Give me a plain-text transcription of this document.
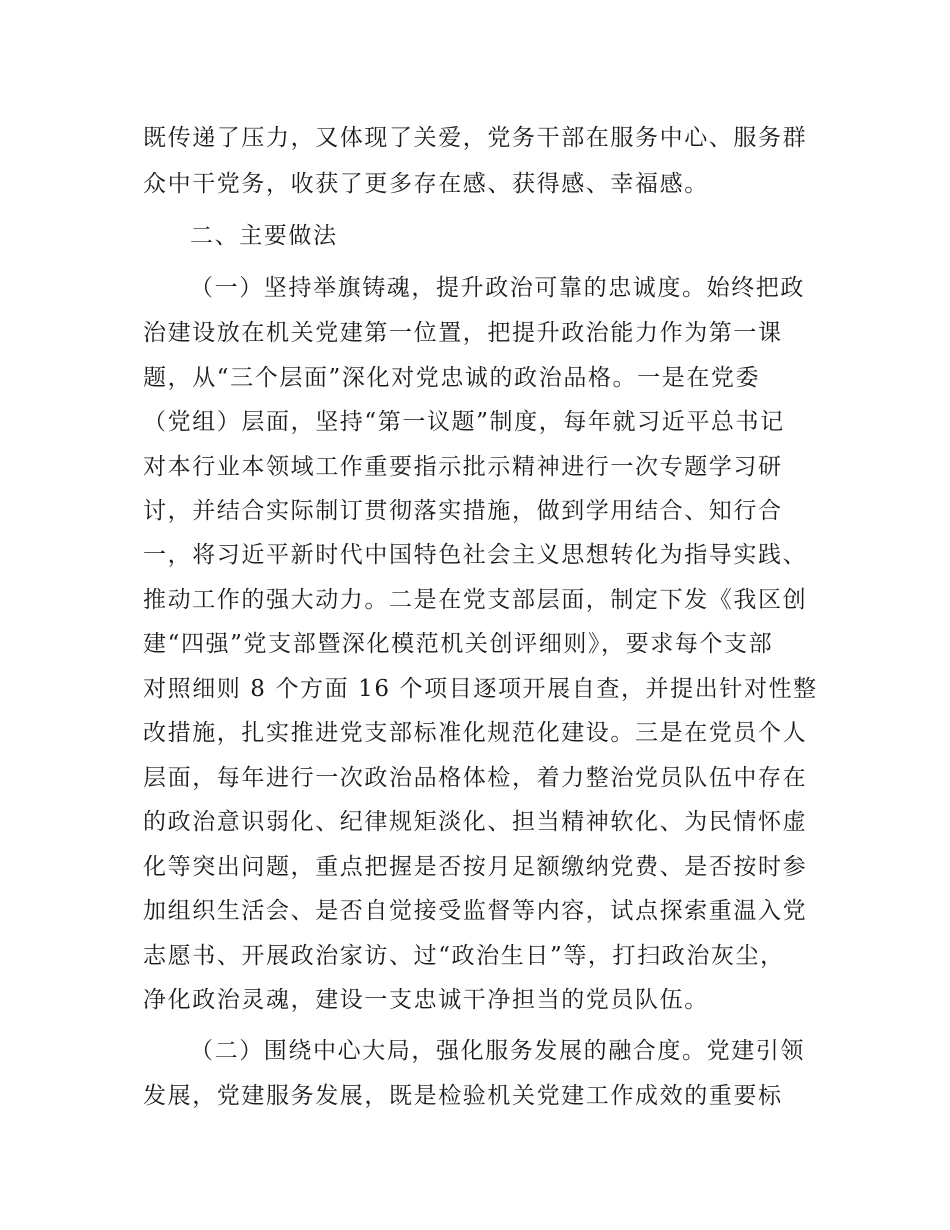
既传递了压力，又体现了关爱，党务干部在服务中心、服务群
众中干党务，收获了更多存在感、获得感、幸福感。
二、主要做法
（一）坚持举旗铸魂，提升政治可靠的忠诚度。始终把政
治建设放在机关党建第一位置，把提升政治能力作为第一课
题，从“三个层面”深化对党忠诚的政治品格。一是在党委
（党组）层面，坚持“第一议题”制度，每年就习近平总书记
对本行业本领域工作重要指示批示精神进行一次专题学习研
讨，并结合实际制订贯彻落实措施，做到学用结合、知行合
一，将习近平新时代中国特色社会主义思想转化为指导实践、
推动工作的强大动力。二是在党支部层面，制定下发《我区创
建“四强”党支部暨深化模范机关创评细则》，要求每个支部
对照细则 8 个方面 16 个项目逐项开展自查，并提出针对性整
改措施，扎实推进党支部标准化规范化建设。三是在党员个人
层面，每年进行一次政治品格体检，着力整治党员队伍中存在
的政治意识弱化、纪律规矩淡化、担当精神软化、为民情怀虚
化等突出问题，重点把握是否按月足额缴纳党费、是否按时参
加组织生活会、是否自觉接受监督等内容，试点探索重温入党
志愿书、开展政治家访、过“政治生日”等，打扫政治灰尘，
净化政治灵魂，建设一支忠诚干净担当的党员队伍。
（二）围绕中心大局，强化服务发展的融合度。党建引领
发展，党建服务发展，既是检验机关党建工作成效的重要标
